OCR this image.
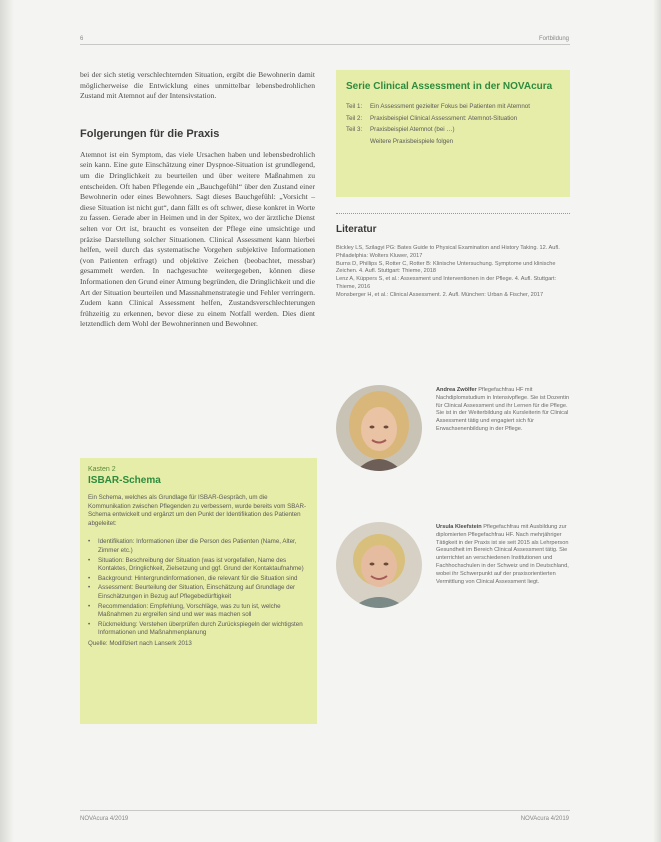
6	Fortbildung

bei der sich stetig verschlechternden Situation, ergibt die Bewohnerin damit möglicherweise die Entwicklung eines unmittelbar lebensbedrohlichen Zustand mit Atemnot auf der Intensivstation.

Folgerungen für die Praxis

Atemnot ist ein Symptom, das viele Ursachen haben und lebensbedrohlich sein kann. Eine gute Einschätzung einer Dyspnoe-Situation ist grundlegend, um die Dringlichkeit zu beurteilen und über weitere Maßnahmen zu entscheiden. Oft haben Pflegende ein „Bauchgefühl“ über den Zustand einer Bewohnerin oder eines Bewohners. Sagt dieses Bauchgefühl: „Vorsicht – diese Situation ist nicht gut“, dann fällt es oft schwer, diese konkret in Worte zu fassen. Gerade aber in Heimen und in der Spitex, wo der ärztliche Dienst selten vor Ort ist, braucht es vonseiten der Pflege eine umsichtige und präzise Darstellung solcher Situationen. Clinical Assessment kann hierbei helfen, weil durch das systematische Vorgehen subjektive Informationen (von Patienten erfragt) und objektive Zeichen (beobachtet, messbar) gesammelt werden. In nachgesuchte weitergegeben, können diese Informationen den Grund einer Atmung begründen, die Dringlichkeit und die Art der Situation beurteilen und Massnahmenstrategie und Fehler verringern. Zudem kann Clinical Assessment helfen, Zustandsverschlechterungen frühzeitig zu erkennen, bevor diese zu einem Notfall werden. Dies dient letztendlich dem Wohl der Bewohnerinnen und Bewohner.

Kasten 2
ISBAR-Schema
Ein Schema, welches als Grundlage für ISBAR-Gespräch, um die Kommunikation zwischen Pflegenden zu verbessern, wurde bereits vom SBAR-Schema entwickelt und ergänzt um den Punkt der Identifikation des Patienten abgeleitet:
•	Identifikation: Informationen über die Person des Patienten (Name, Alter, Zimmer etc.)
•	Situation: Beschreibung der Situation (was ist vorgefallen, Name des Kontaktes, Dringlichkeit, Zielsetzung und ggf. Grund der Kontaktaufnahme)
•	Background: Hintergrundinformationen, die relevant für die Situation sind
•	Assessment: Beurteilung der Situation, Einschätzung auf Grundlage der Einschätzungen in Bezug auf Pflegebedürftigkeit
•	Recommendation: Empfehlung, Vorschläge, was zu tun ist, welche Maßnahmen zu ergreifen sind und wer was machen soll
•	Rückmeldung: Verstehen überprüfen durch Zurückspiegeln der wichtigsten Informationen und Maßnahmenplanung
Quelle: Modifiziert nach Lanserk 2013
Serie Clinical Assessment in der NOVAcura
Teil 1: Ein Assessment gezielter Fokus bei Patienten mit Atemnot
Teil 2: Praxisbeispiel Clinical Assessment: Atemnot-Situation
Teil 3: Praxisbeispiel Atemnot (bei …)
Weitere Praxisbeispiele folgen
Literatur

Bickley LS, Szilagyi PG: Bates Guide to Physical Examination and History Taking. 12. Aufl. Philadelphia: Wolters Kluwer, 2017

Burns D, Phillips S, Rotter C, Rotter B: Klinische Untersuchung. Symptome und klinische Zeichen. 4. Aufl. Stuttgart: Thieme, 2018

Lenz A, Küppers S, et al.: Assessment und Interventionen in der Pflege. 4. Aufl. Stuttgart: Thieme, 2016

Monsberger H, et al.: Clinical Assessment. 2. Aufl. München: Urban & Fischer, 2017

Andrea Zwölfer Pflegefachfrau HF mit Nachdiplomstudium in Intensivpflege. Sie ist Dozentin für Clinical Assessment und ihr Lernen für die Pflege. Sie ist in der Weiterbildung als Kursleiterin für Clinical Assessment tätig und engagiert sich für Erwachsenenbildung in der Pflege.
Ursula Kleefstein Pflegefachfrau mit Ausbildung zur diplomierten Pflegefachfrau HF. Nach mehrjähriger Tätigkeit in der Praxis ist sie seit 2015 als Lehrperson Gesundheit im Bereich Clinical Assessment tätig. Sie unterrichtet an verschiedenen Institutionen und Fachhochschulen in der Schweiz und in Deutschland, wobei ihr Schwerpunkt auf der praxisorientierten Vermittlung von Clinical Assessment liegt.
NOVAcura 4/2019	NOVAcura 4/2019
